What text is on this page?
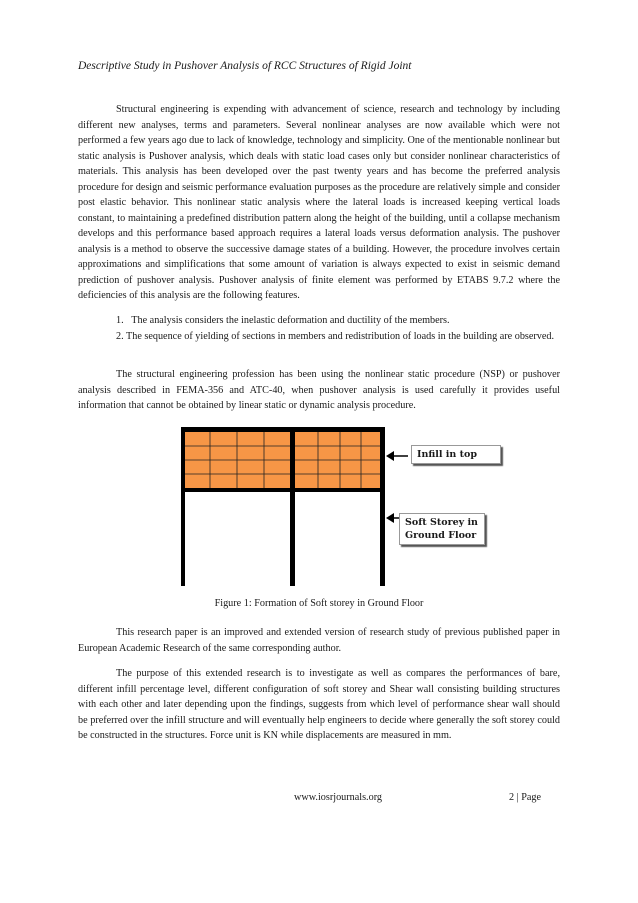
Descriptive Study in Pushover Analysis of RCC Structures of Rigid Joint

Structural engineering is expending with advancement of science, research and technology by including different new analyses, terms and parameters. Several nonlinear analyses are now available which were not performed a few years ago due to lack of knowledge, technology and simplicity. One of the mentionable nonlinear but static analysis is Pushover analysis, which deals with static load cases only but consider nonlinear characteristics of materials. This analysis has been developed over the past twenty years and has become the preferred analysis procedure for design and seismic performance evaluation purposes as the procedure are relatively simple and consider post elastic behavior. This nonlinear static analysis where the lateral loads is increased keeping vertical loads constant, to maintaining a predefined distribution pattern along the height of the building, until a collapse mechanism develops and this performance based approach requires a lateral loads versus deformation analysis. The pushover analysis is a method to observe the successive damage states of a building. However, the procedure involves certain approximations and simplifications that some amount of variation is always expected to exist in seismic demand prediction of pushover analysis. Pushover analysis of finite element was performed by ETABS 9.7.2 where the deficiencies of this analysis are the following features.

1.   The analysis considers the inelastic deformation and ductility of the members.

2. The sequence of yielding of sections in members and redistribution of loads in the building are observed.

The structural engineering profession has been using the nonlinear static procedure (NSP) or pushover analysis described in FEMA-356 and ATC-40, when pushover analysis is used carefully it provides useful information that cannot be obtained by linear static or dynamic analysis procedure.

Infill in top
Soft Storey in
Ground Floor
Figure 1: Formation of Soft storey in Ground Floor

This research paper is an improved and extended version of research study of previous published paper in European Academic Research of the same corresponding author.

The purpose of this extended research is to investigate as well as compares the performances of bare, different infill percentage level, different configuration of soft storey and Shear wall consisting building structures with each other and later depending upon the findings, suggests from which level of performance shear wall should be preferred over the infill structure and will eventually help engineers to decide where generally the soft storey could be constructed in the structures. Force unit is KN while displacements are measured in mm.

www.iosrjournals.org	2 | Page
